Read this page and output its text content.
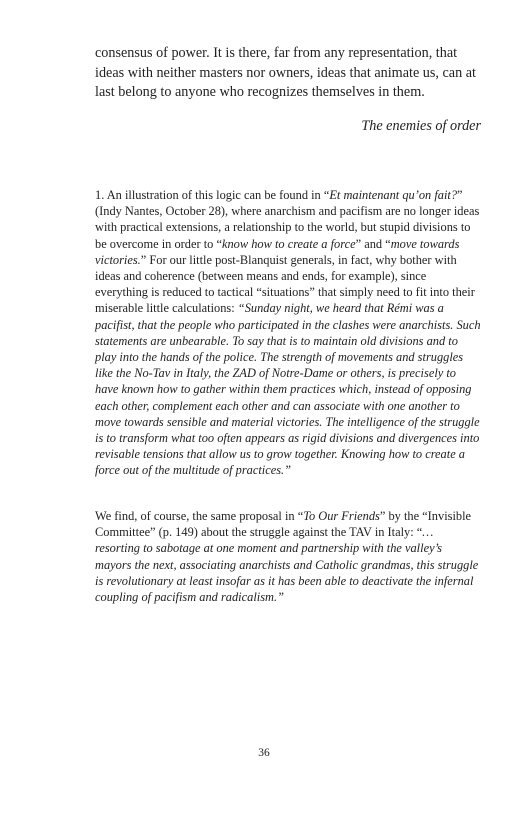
consensus of power. It is there, far from any representation, that ideas with neither masters nor owners, ideas that animate us, can at last belong to anyone who recognizes themselves in them.

The enemies of order

1. An illustration of this logic can be found in “Et maintenant qu’on fait?” (Indy Nantes, October 28), where anarchism and pacifism are no longer ideas with practical extensions, a relationship to the world, but stupid divisions to be overcome in order to “know how to create a force” and “move towards victories.” For our little post-Blanquist generals, in fact, why bother with ideas and coherence (between means and ends, for example), since everything is reduced to tactical “situations” that simply need to fit into their miserable little calculations: “Sunday night, we heard that Rémi was a pacifist, that the people who participated in the clashes were anarchists. Such statements are unbearable. To say that is to maintain old divisions and to play into the hands of the police. The strength of movements and struggles like the No-Tav in Italy, the ZAD of Notre-Dame or others, is precisely to have known how to gather within them practices which, instead of opposing each other, complement each other and can associate with one another to move towards sensible and material victories. The intelligence of the struggle is to transform what too often appears as rigid divisions and divergences into revisable tensions that allow us to grow together. Knowing how to create a force out of the multitude of practices.”

We find, of course, the same proposal in “To Our Friends” by the “Invisible Committee” (p. 149) about the struggle against the TAV in Italy: “… resorting to sabotage at one moment and partnership with the valley’s mayors the next, associating anarchists and Catholic grandmas, this struggle is revolutionary at least insofar as it has been able to deactivate the infernal coupling of pacifism and radicalism.”

36
